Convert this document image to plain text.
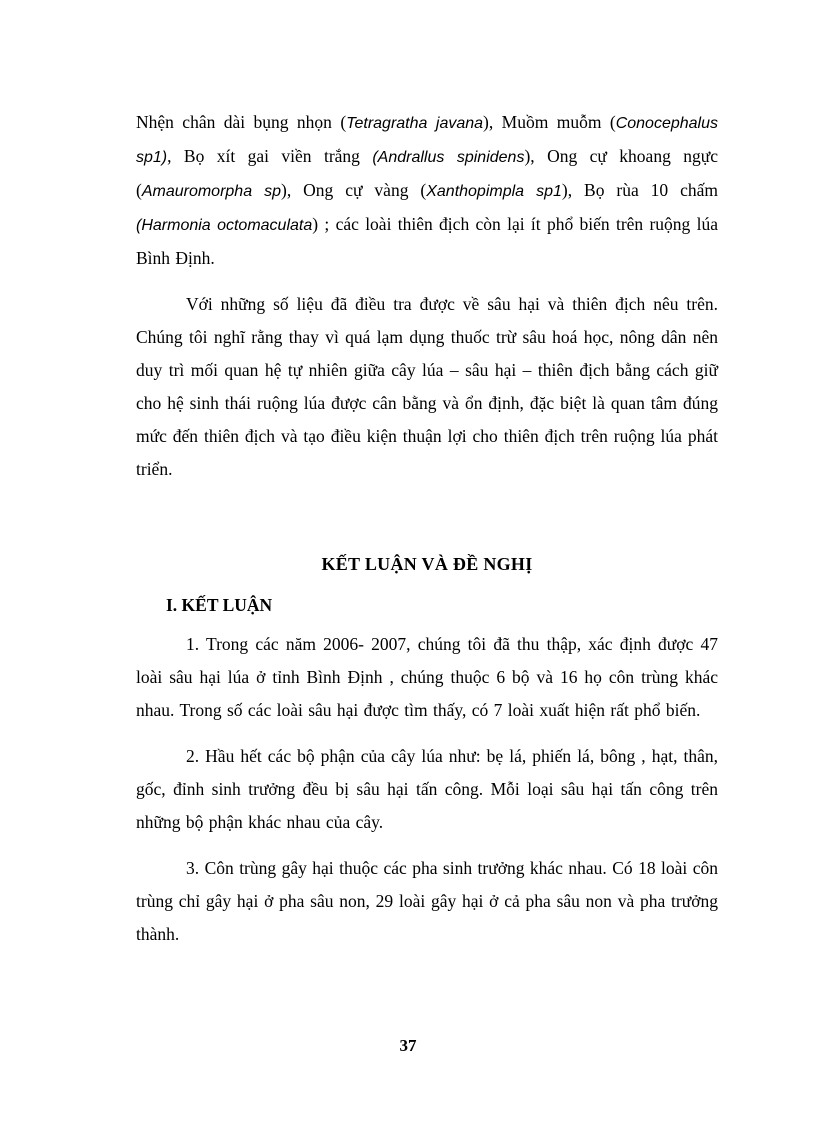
Nhện chân dài bụng nhọn (Tetragratha javana), Muồm muỗm (Conocephalus sp1), Bọ xít gai viền trắng (Andrallus spinidens), Ong cự khoang ngực (Amauromorpha sp), Ong cự vàng (Xanthopimpla sp1), Bọ rùa 10 chấm (Harmonia octomaculata) ; các loài thiên địch còn lại ít phổ biến trên ruộng lúa Bình Định.

Với những số liệu đã điều tra được về sâu hại và thiên địch nêu trên. Chúng tôi nghĩ rằng thay vì quá lạm dụng thuốc trừ sâu hoá học, nông dân nên duy trì mối quan hệ tự nhiên giữa cây lúa – sâu hại – thiên địch bằng cách giữ cho hệ sinh thái ruộng lúa được cân bằng và ổn định, đặc biệt là quan tâm đúng mức đến thiên địch và tạo điều kiện thuận lợi cho thiên địch trên ruộng lúa phát triển.

KẾT LUẬN VÀ ĐỀ NGHỊ
I. KẾT LUẬN

1. Trong các năm 2006- 2007, chúng tôi đã thu thập, xác định được 47 loài sâu hại lúa ở tỉnh Bình Định , chúng thuộc 6 bộ và 16 họ côn trùng khác nhau. Trong số các loài sâu hại được tìm thấy, có 7 loài xuất hiện rất phổ biến.

2. Hầu hết các bộ phận của cây lúa như: bẹ lá, phiến lá, bông , hạt, thân, gốc, đỉnh sinh trưởng đều bị sâu hại tấn công. Mỗi loại sâu hại tấn công trên những bộ phận khác nhau của cây.

3. Côn trùng gây hại thuộc các pha sinh trưởng khác nhau. Có 18 loài côn trùng chỉ gây hại ở pha sâu non, 29 loài gây hại ở cả pha sâu non và pha trưởng thành.

37
